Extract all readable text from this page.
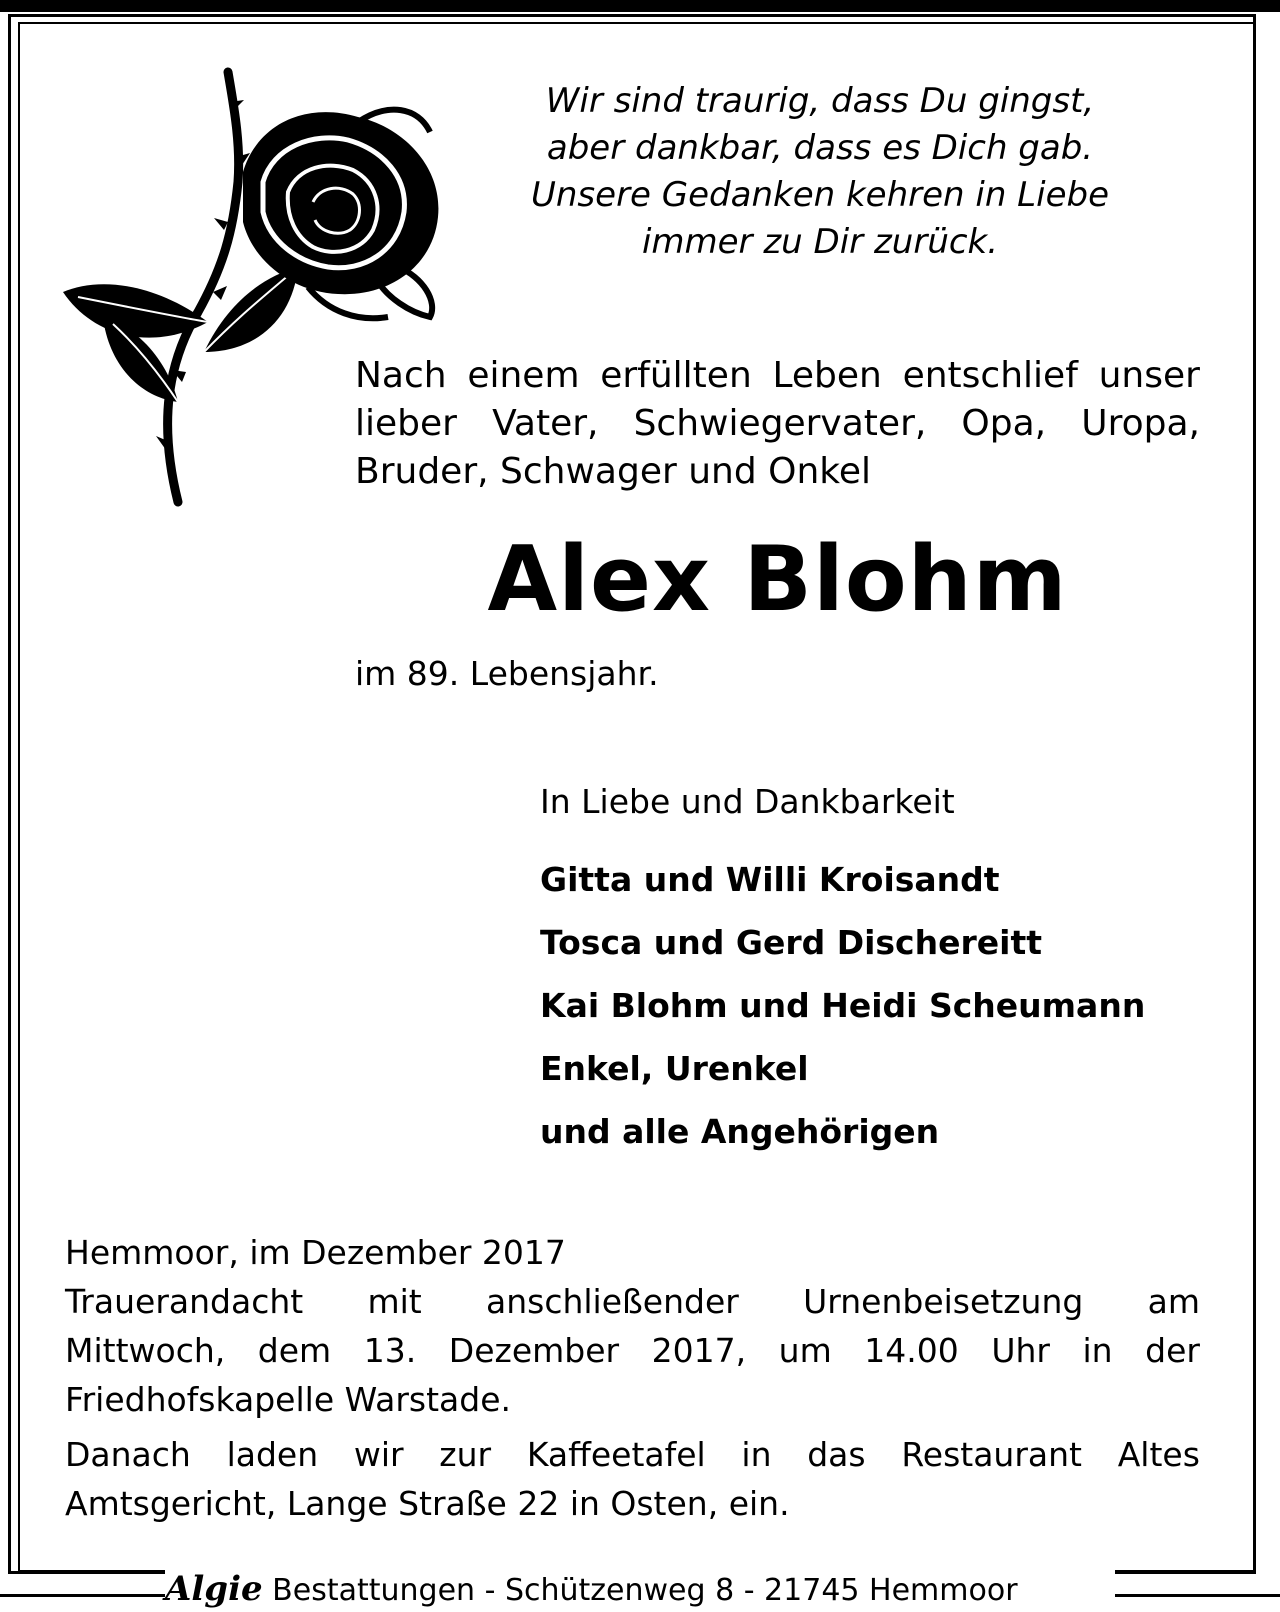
Wir sind traurig, dass Du gingst,
aber dankbar, dass es Dich gab.
Unsere Gedanken kehren in Liebe
immer zu Dir zurück.
Nach einem erfüllten Leben entschlief unser
lieber Vater, Schwiegervater, Opa, Uropa,
Bruder, Schwager und Onkel
Alex Blohm
im 89. Lebensjahr.
In Liebe und Dankbarkeit
Gitta und Willi Kroisandt
Tosca und Gerd Dischereitt
Kai Blohm und Heidi Scheumann
Enkel, Urenkel
und alle Angehörigen
Hemmoor, im Dezember 2017
Trauerandacht mit anschließender Urnenbeisetzung am
Mittwoch, dem 13. Dezember 2017, um 14.00 Uhr in der
Friedhofskapelle Warstade.
Danach laden wir zur Kaffeetafel in das Restaurant Altes
Amtsgericht, Lange Straße 22 in Osten, ein.
Algie Bestattungen - Schützenweg 8 - 21745 Hemmoor
